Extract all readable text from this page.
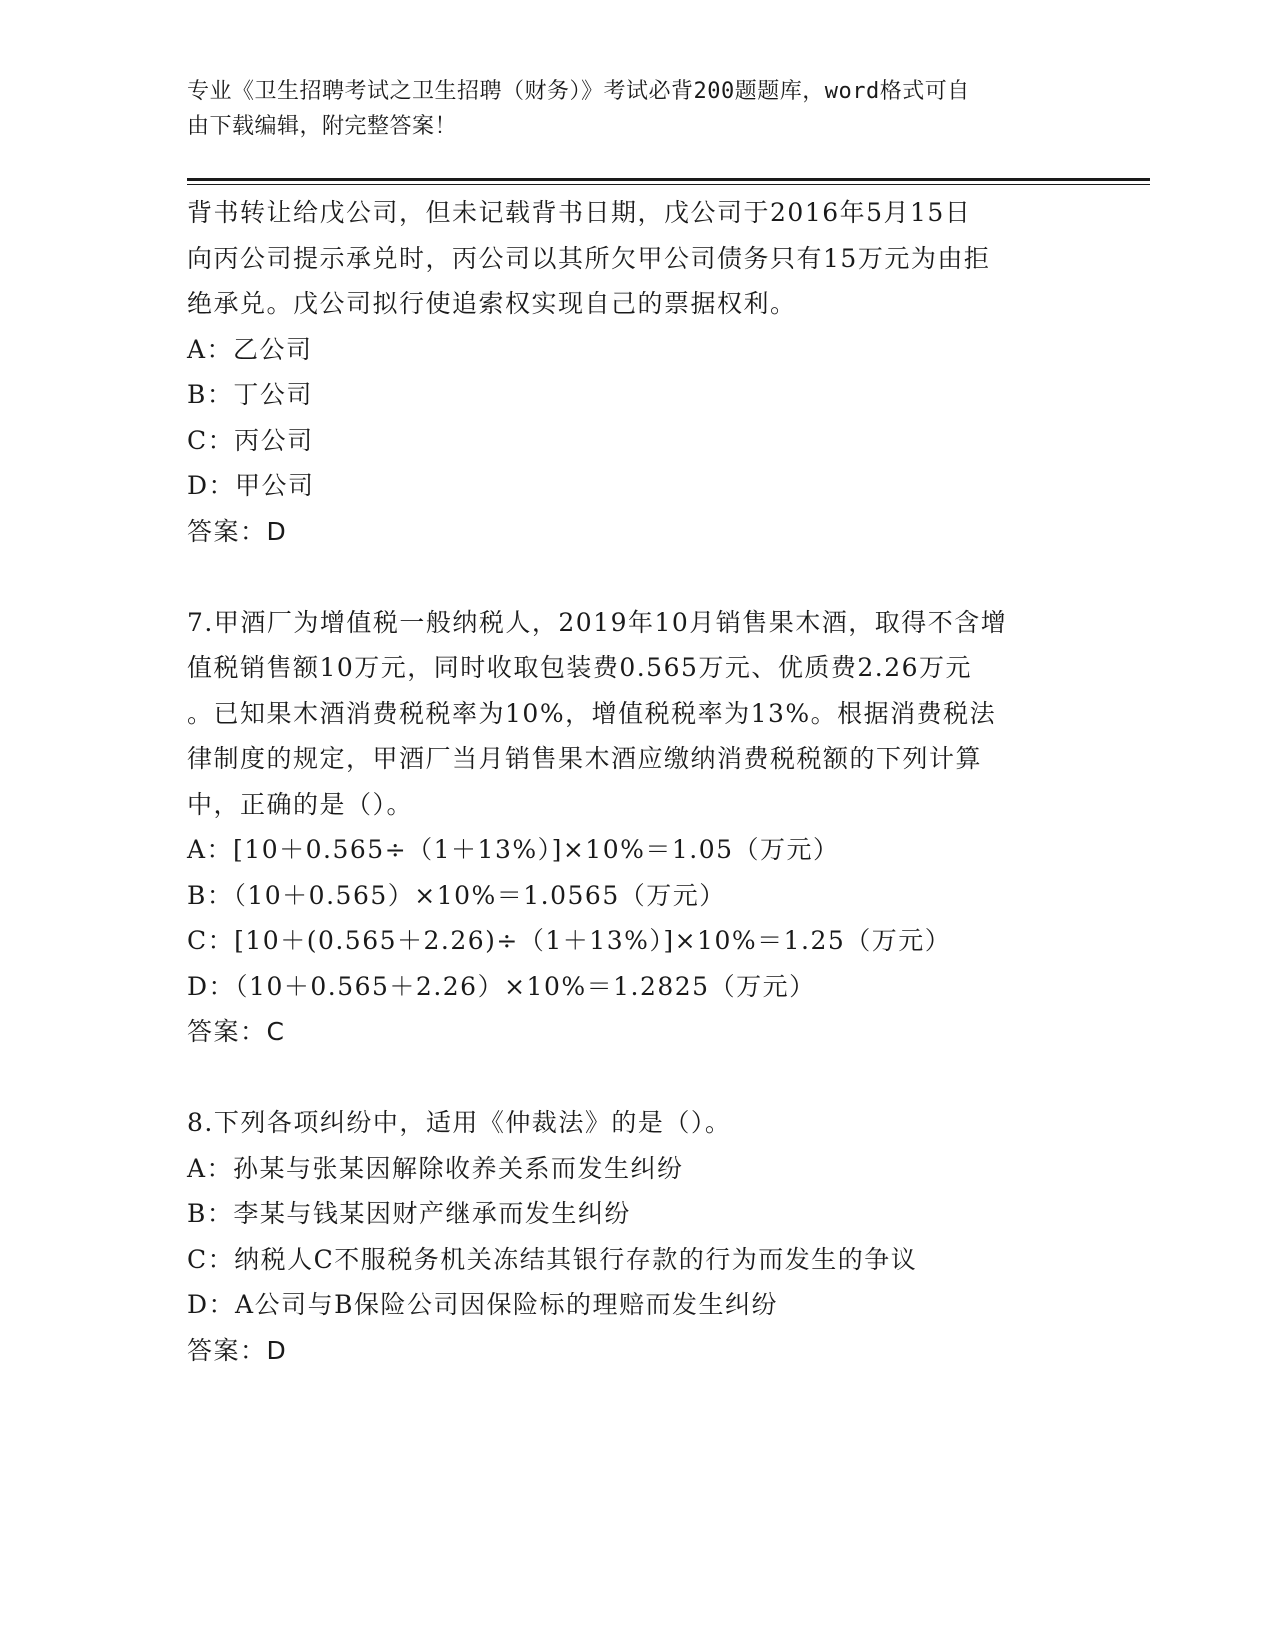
专业《卫生招聘考试之卫生招聘（财务）》考试必背200题题库，word格式可自
由下载编辑，附完整答案！
背书转让给戊公司，但未记载背书日期，戊公司于2016年5月15日
向丙公司提示承兑时，丙公司以其所欠甲公司债务只有15万元为由拒
绝承兑。戊公司拟行使追索权实现自己的票据权利。
A：乙公司
B：丁公司
C：丙公司
D：甲公司
答案：D
7.甲酒厂为增值税一般纳税人，2019年10月销售果木酒，取得不含增
值税销售额10万元，同时收取包装费0.565万元、优质费2.26万元
。已知果木酒消费税税率为10%，增值税税率为13%。根据消费税法
律制度的规定，甲酒厂当月销售果木酒应缴纳消费税税额的下列计算
中，正确的是（）。
A：[10＋0.565÷（1＋13%）]×10%＝1.05（万元）
B：（10＋0.565）×10%＝1.0565（万元）
C：[10＋(0.565＋2.26)÷（1＋13%）]×10%＝1.25（万元）
D：（10＋0.565＋2.26）×10%＝1.2825（万元）
答案：C
8.下列各项纠纷中，适用《仲裁法》的是（）。
A：孙某与张某因解除收养关系而发生纠纷
B：李某与钱某因财产继承而发生纠纷
C：纳税人C不服税务机关冻结其银行存款的行为而发生的争议
D：A公司与B保险公司因保险标的理赔而发生纠纷
答案：D
